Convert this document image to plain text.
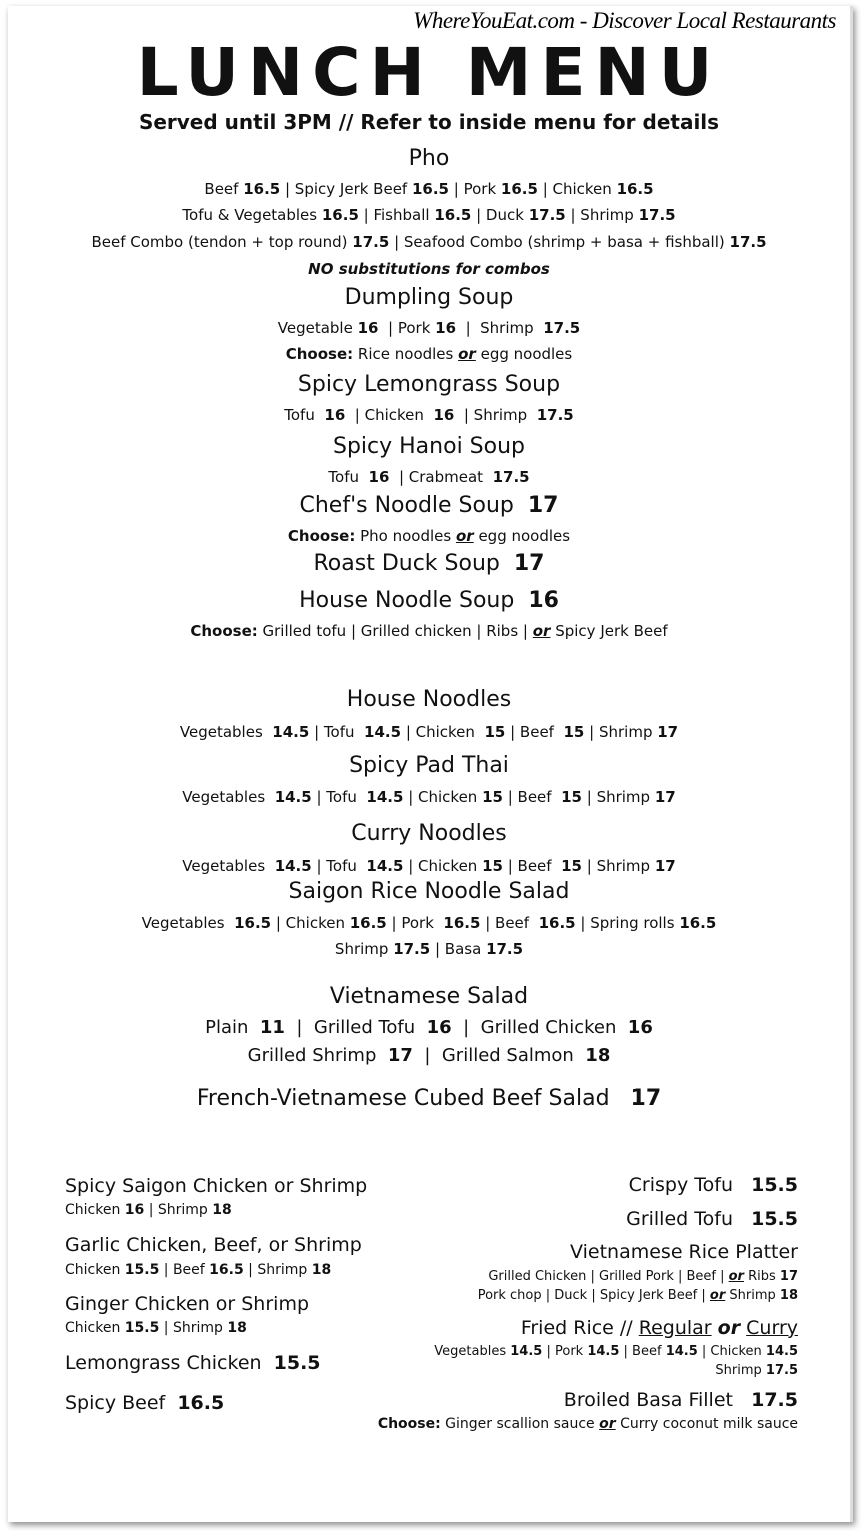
WhereYouEat.com - Discover Local Restaurants
LUNCH MENU
Served until 3PM // Refer to inside menu for details
Pho
Beef 16.5 | Spicy Jerk Beef 16.5 | Pork 16.5 | Chicken 16.5
Tofu & Vegetables 16.5 | Fishball 16.5 | Duck 17.5 | Shrimp 17.5
Beef Combo (tendon + top round) 17.5 | Seafood Combo (shrimp + basa + fishball) 17.5
NO substitutions for combos
Dumpling Soup
Vegetable 16  | Pork 16  |  Shrimp  17.5
Choose: Rice noodles or egg noodles
Spicy Lemongrass Soup
Tofu  16  | Chicken  16  | Shrimp  17.5
Spicy Hanoi Soup
Tofu  16  | Crabmeat  17.5
Chef's Noodle Soup  17
Choose: Pho noodles or egg noodles
Roast Duck Soup  17
House Noodle Soup  16
Choose: Grilled tofu | Grilled chicken | Ribs | or Spicy Jerk Beef
House Noodles
Vegetables  14.5 | Tofu  14.5 | Chicken  15 | Beef  15 | Shrimp 17
Spicy Pad Thai
Vegetables  14.5 | Tofu  14.5 | Chicken 15 | Beef  15 | Shrimp 17
Curry Noodles
Vegetables  14.5 | Tofu  14.5 | Chicken 15 | Beef  15 | Shrimp 17
Saigon Rice Noodle Salad
Vegetables  16.5 | Chicken 16.5 | Pork  16.5 | Beef  16.5 | Spring rolls 16.5
Shrimp 17.5 | Basa 17.5
Vietnamese Salad
Plain  11  |  Grilled Tofu  16  |  Grilled Chicken  16
Grilled Shrimp  17  |  Grilled Salmon  18
French-Vietnamese Cubed Beef Salad   17
Spicy Saigon Chicken or Shrimp
Chicken 16 | Shrimp 18
Garlic Chicken, Beef, or Shrimp
Chicken 15.5 | Beef 16.5 | Shrimp 18
Ginger Chicken or Shrimp
Chicken 15.5 | Shrimp 18
Lemongrass Chicken  15.5
Spicy Beef  16.5
Crispy Tofu   15.5
Grilled Tofu   15.5
Vietnamese Rice Platter
Grilled Chicken | Grilled Pork | Beef | or Ribs 17
Pork chop | Duck | Spicy Jerk Beef | or Shrimp 18
Fried Rice // Regular or Curry
Vegetables 14.5 | Pork 14.5 | Beef 14.5 | Chicken 14.5
Shrimp 17.5
Broiled Basa Fillet   17.5
Choose: Ginger scallion sauce or Curry coconut milk sauce
